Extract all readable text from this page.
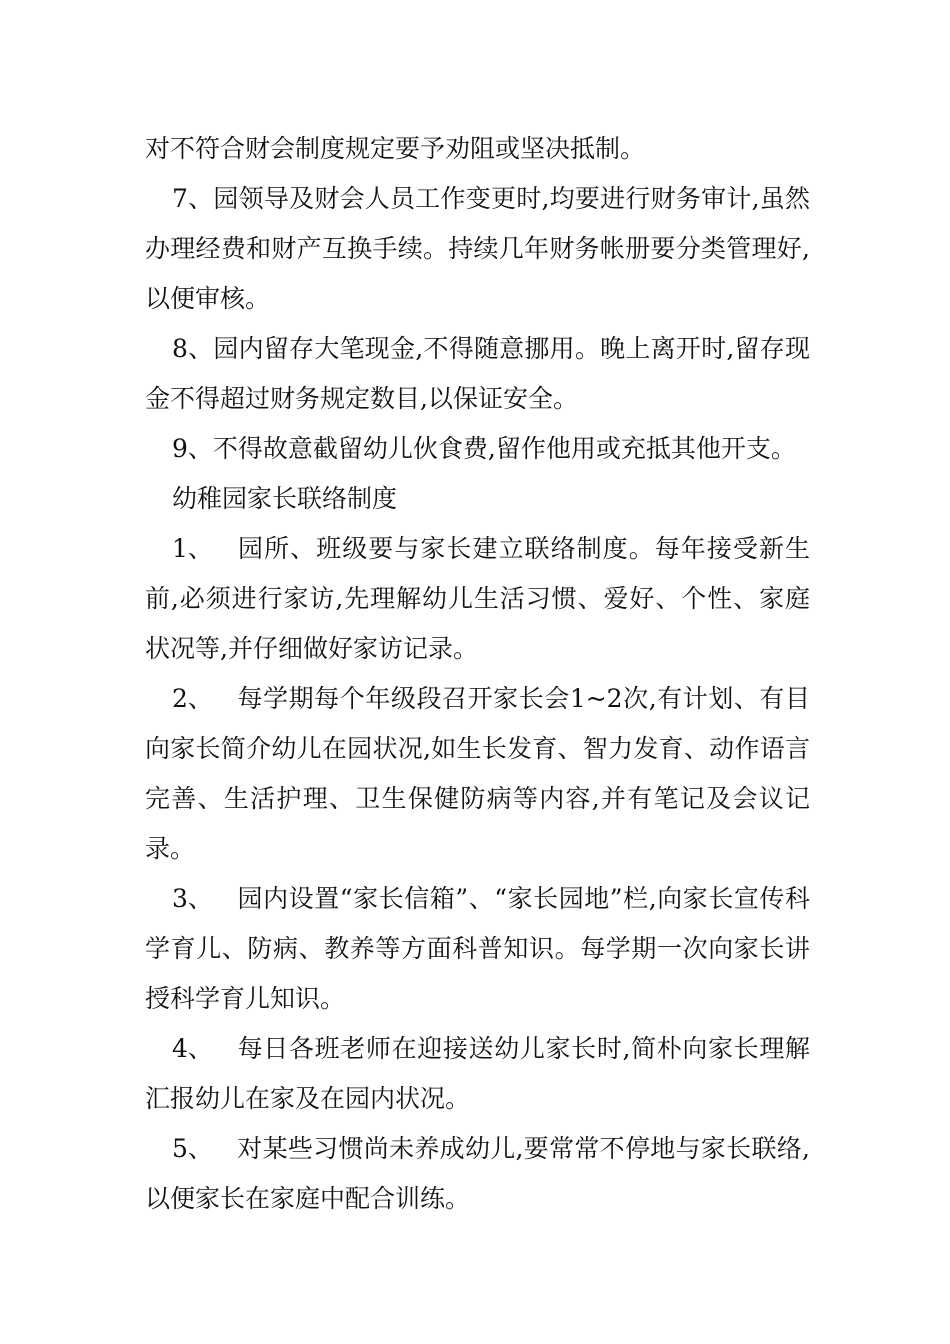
对不符合财会制度规定要予劝阻或坚决抵制。

7、园领导及财会人员工作变更时,均要进行财务审计,虽然办理经费和财产互换手续。持续几年财务帐册要分类管理好,以便审核。

8、园内留存大笔现金,不得随意挪用。晚上离开时,留存现金不得超过财务规定数目,以保证安全。

9、不得故意截留幼儿伙食费,留作他用或充抵其他开支。

幼稚园家长联络制度

1、 园所、班级要与家长建立联络制度。每年接受新生前,必须进行家访,先理解幼儿生活习惯、爱好、个性、家庭状况等,并仔细做好家访记录。

2、 每学期每个年级段召开家长会1~2次,有计划、有目向家长简介幼儿在园状况,如生长发育、智力发育、动作语言完善、生活护理、卫生保健防病等内容,并有笔记及会议记录。

3、 园内设置“家长信箱”、“家长园地”栏,向家长宣传科学育儿、防病、教养等方面科普知识。每学期一次向家长讲授科学育儿知识。

4、 每日各班老师在迎接送幼儿家长时,简朴向家长理解汇报幼儿在家及在园内状况。

5、 对某些习惯尚未养成幼儿,要常常不停地与家长联络,以便家长在家庭中配合训练。
